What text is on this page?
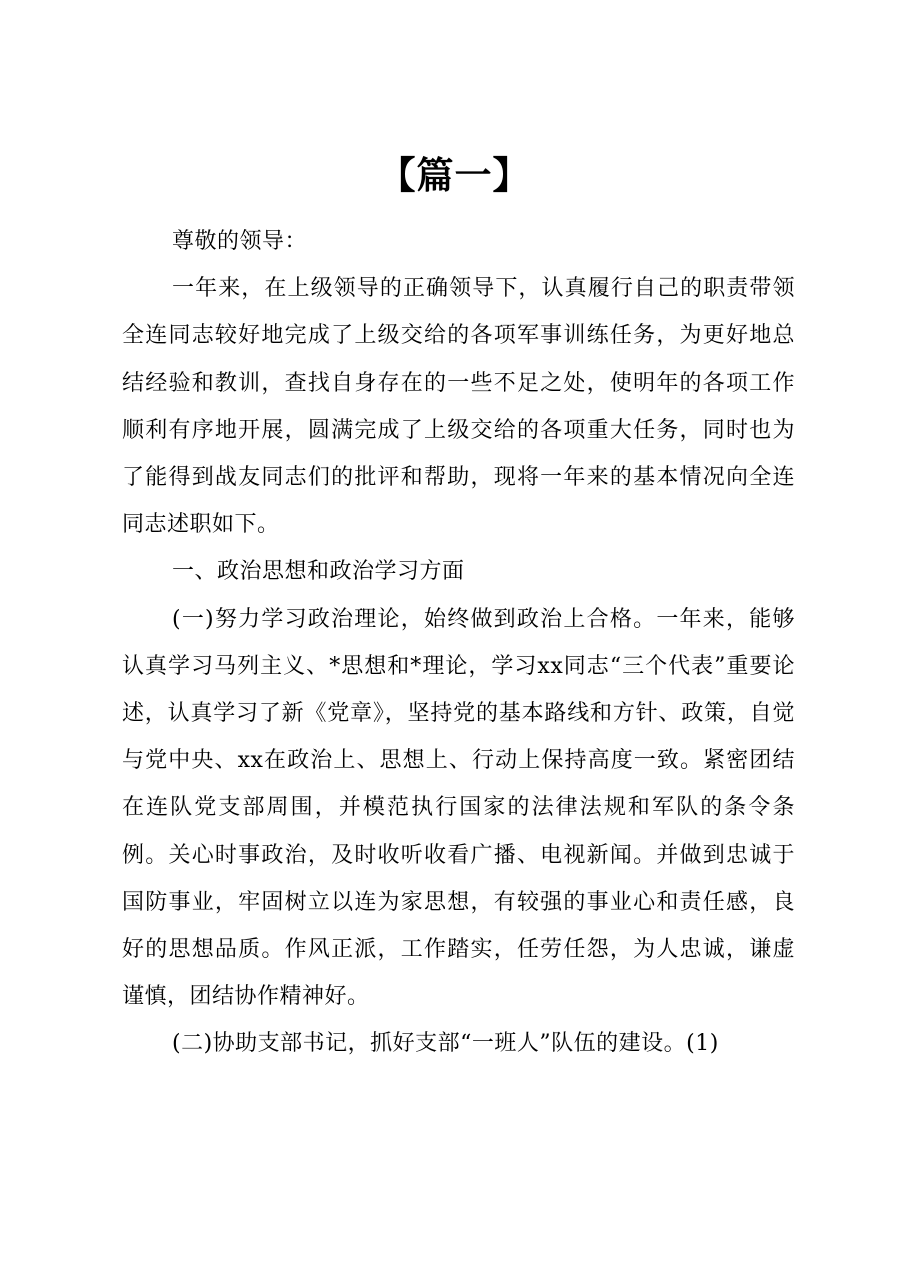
【篇一】

尊敬的领导：

一年来，在上级领导的正确领导下，认真履行自己的职责带领全连同志较好地完成了上级交给的各项军事训练任务，为更好地总结经验和教训，查找自身存在的一些不足之处，使明年的各项工作顺利有序地开展，圆满完成了上级交给的各项重大任务，同时也为了能得到战友同志们的批评和帮助，现将一年来的基本情况向全连同志述职如下。

一、政治思想和政治学习方面

(一)努力学习政治理论，始终做到政治上合格。一年来，能够认真学习马列主义、*思想和*理论，学习xx同志“三个代表”重要论述，认真学习了新《党章》，坚持党的基本路线和方针、政策，自觉与党中央、xx在政治上、思想上、行动上保持高度一致。紧密团结在连队党支部周围，并模范执行国家的法律法规和军队的条令条例。关心时事政治，及时收听收看广播、电视新闻。并做到忠诚于国防事业，牢固树立以连为家思想，有较强的事业心和责任感，良好的思想品质。作风正派，工作踏实，任劳任怨，为人忠诚，谦虚谨慎，团结协作精神好。

(二)协助支部书记，抓好支部“一班人”队伍的建设。(1)
